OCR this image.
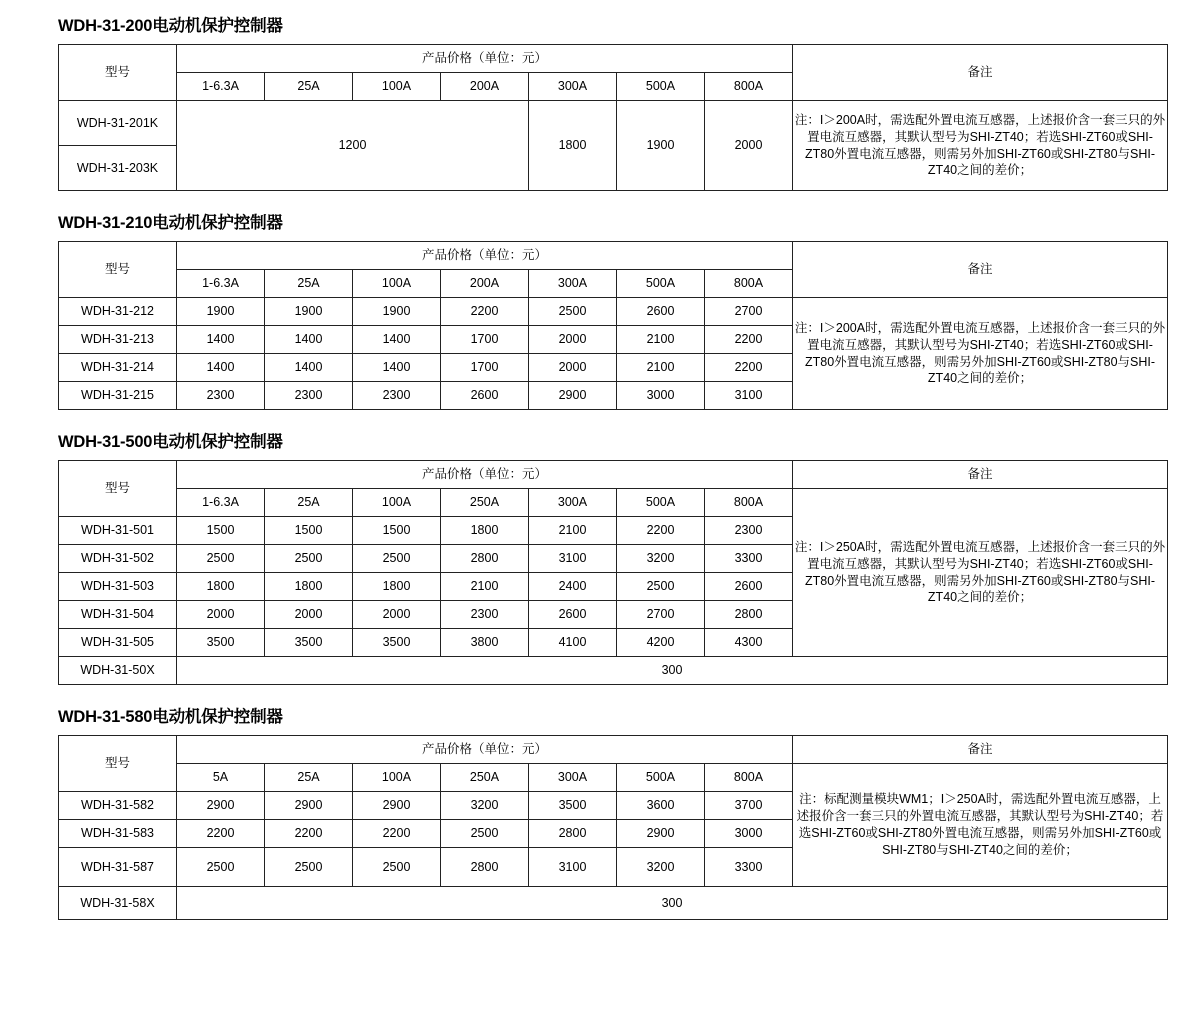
WDH-31-200电动机保护控制器
型号	产品价格（单位：元）							备注
	1-6.3A	25A	100A	200A	300A	500A	800A	
WDH-31-201K	1200				1800	1900	2000	注：I＞200A时，需选配外置电流互感器，上述报价含一套三只的外置电流互感器，其默认型号为SHI-ZT40；若选SHI-ZT60或SHI-ZT80外置电流互感器，则需另外加SHI-ZT60或SHI-ZT80与SHI-ZT40之间的差价；
WDH-31-203K								
WDH-31-210电动机保护控制器
型号	产品价格（单位：元）							备注
	1-6.3A	25A	100A	200A	300A	500A	800A	
WDH-31-212	1900	1900	1900	2200	2500	2600	2700	注：I＞200A时，需选配外置电流互感器，上述报价含一套三只的外置电流互感器，其默认型号为SHI-ZT40；若选SHI-ZT60或SHI-ZT80外置电流互感器，则需另外加SHI-ZT60或SHI-ZT80与SHI-ZT40之间的差价；
WDH-31-213	1400	1400	1400	1700	2000	2100	2200	
WDH-31-214	1400	1400	1400	1700	2000	2100	2200	
WDH-31-215	2300	2300	2300	2600	2900	3000	3100	
WDH-31-500电动机保护控制器
型号	产品价格（单位：元）							备注
	1-6.3A	25A	100A	250A	300A	500A	800A	注：I＞250A时，需选配外置电流互感器，上述报价含一套三只的外置电流互感器，其默认型号为SHI-ZT40；若选SHI-ZT60或SHI-ZT80外置电流互感器，则需另外加SHI-ZT60或SHI-ZT80与SHI-ZT40之间的差价；
WDH-31-501	1500	1500	1500	1800	2100	2200	2300	
WDH-31-502	2500	2500	2500	2800	3100	3200	3300	
WDH-31-503	1800	1800	1800	2100	2400	2500	2600	
WDH-31-504	2000	2000	2000	2300	2600	2700	2800	
WDH-31-505	3500	3500	3500	3800	4100	4200	4300	
WDH-31-50X	300							
WDH-31-580电动机保护控制器
型号	产品价格（单位：元）							备注
	5A	25A	100A	250A	300A	500A	800A	注：标配测量模块WM1；I＞250A时，需选配外置电流互感器，上述报价含一套三只的外置电流互感器，其默认型号为SHI-ZT40；若选SHI-ZT60或SHI-ZT80外置电流互感器，则需另外加SHI-ZT60或SHI-ZT80与SHI-ZT40之间的差价；
WDH-31-582	2900	2900	2900	3200	3500	3600	3700	
WDH-31-583	2200	2200	2200	2500	2800	2900	3000	
WDH-31-587	2500	2500	2500	2800	3100	3200	3300	
WDH-31-58X	300							
